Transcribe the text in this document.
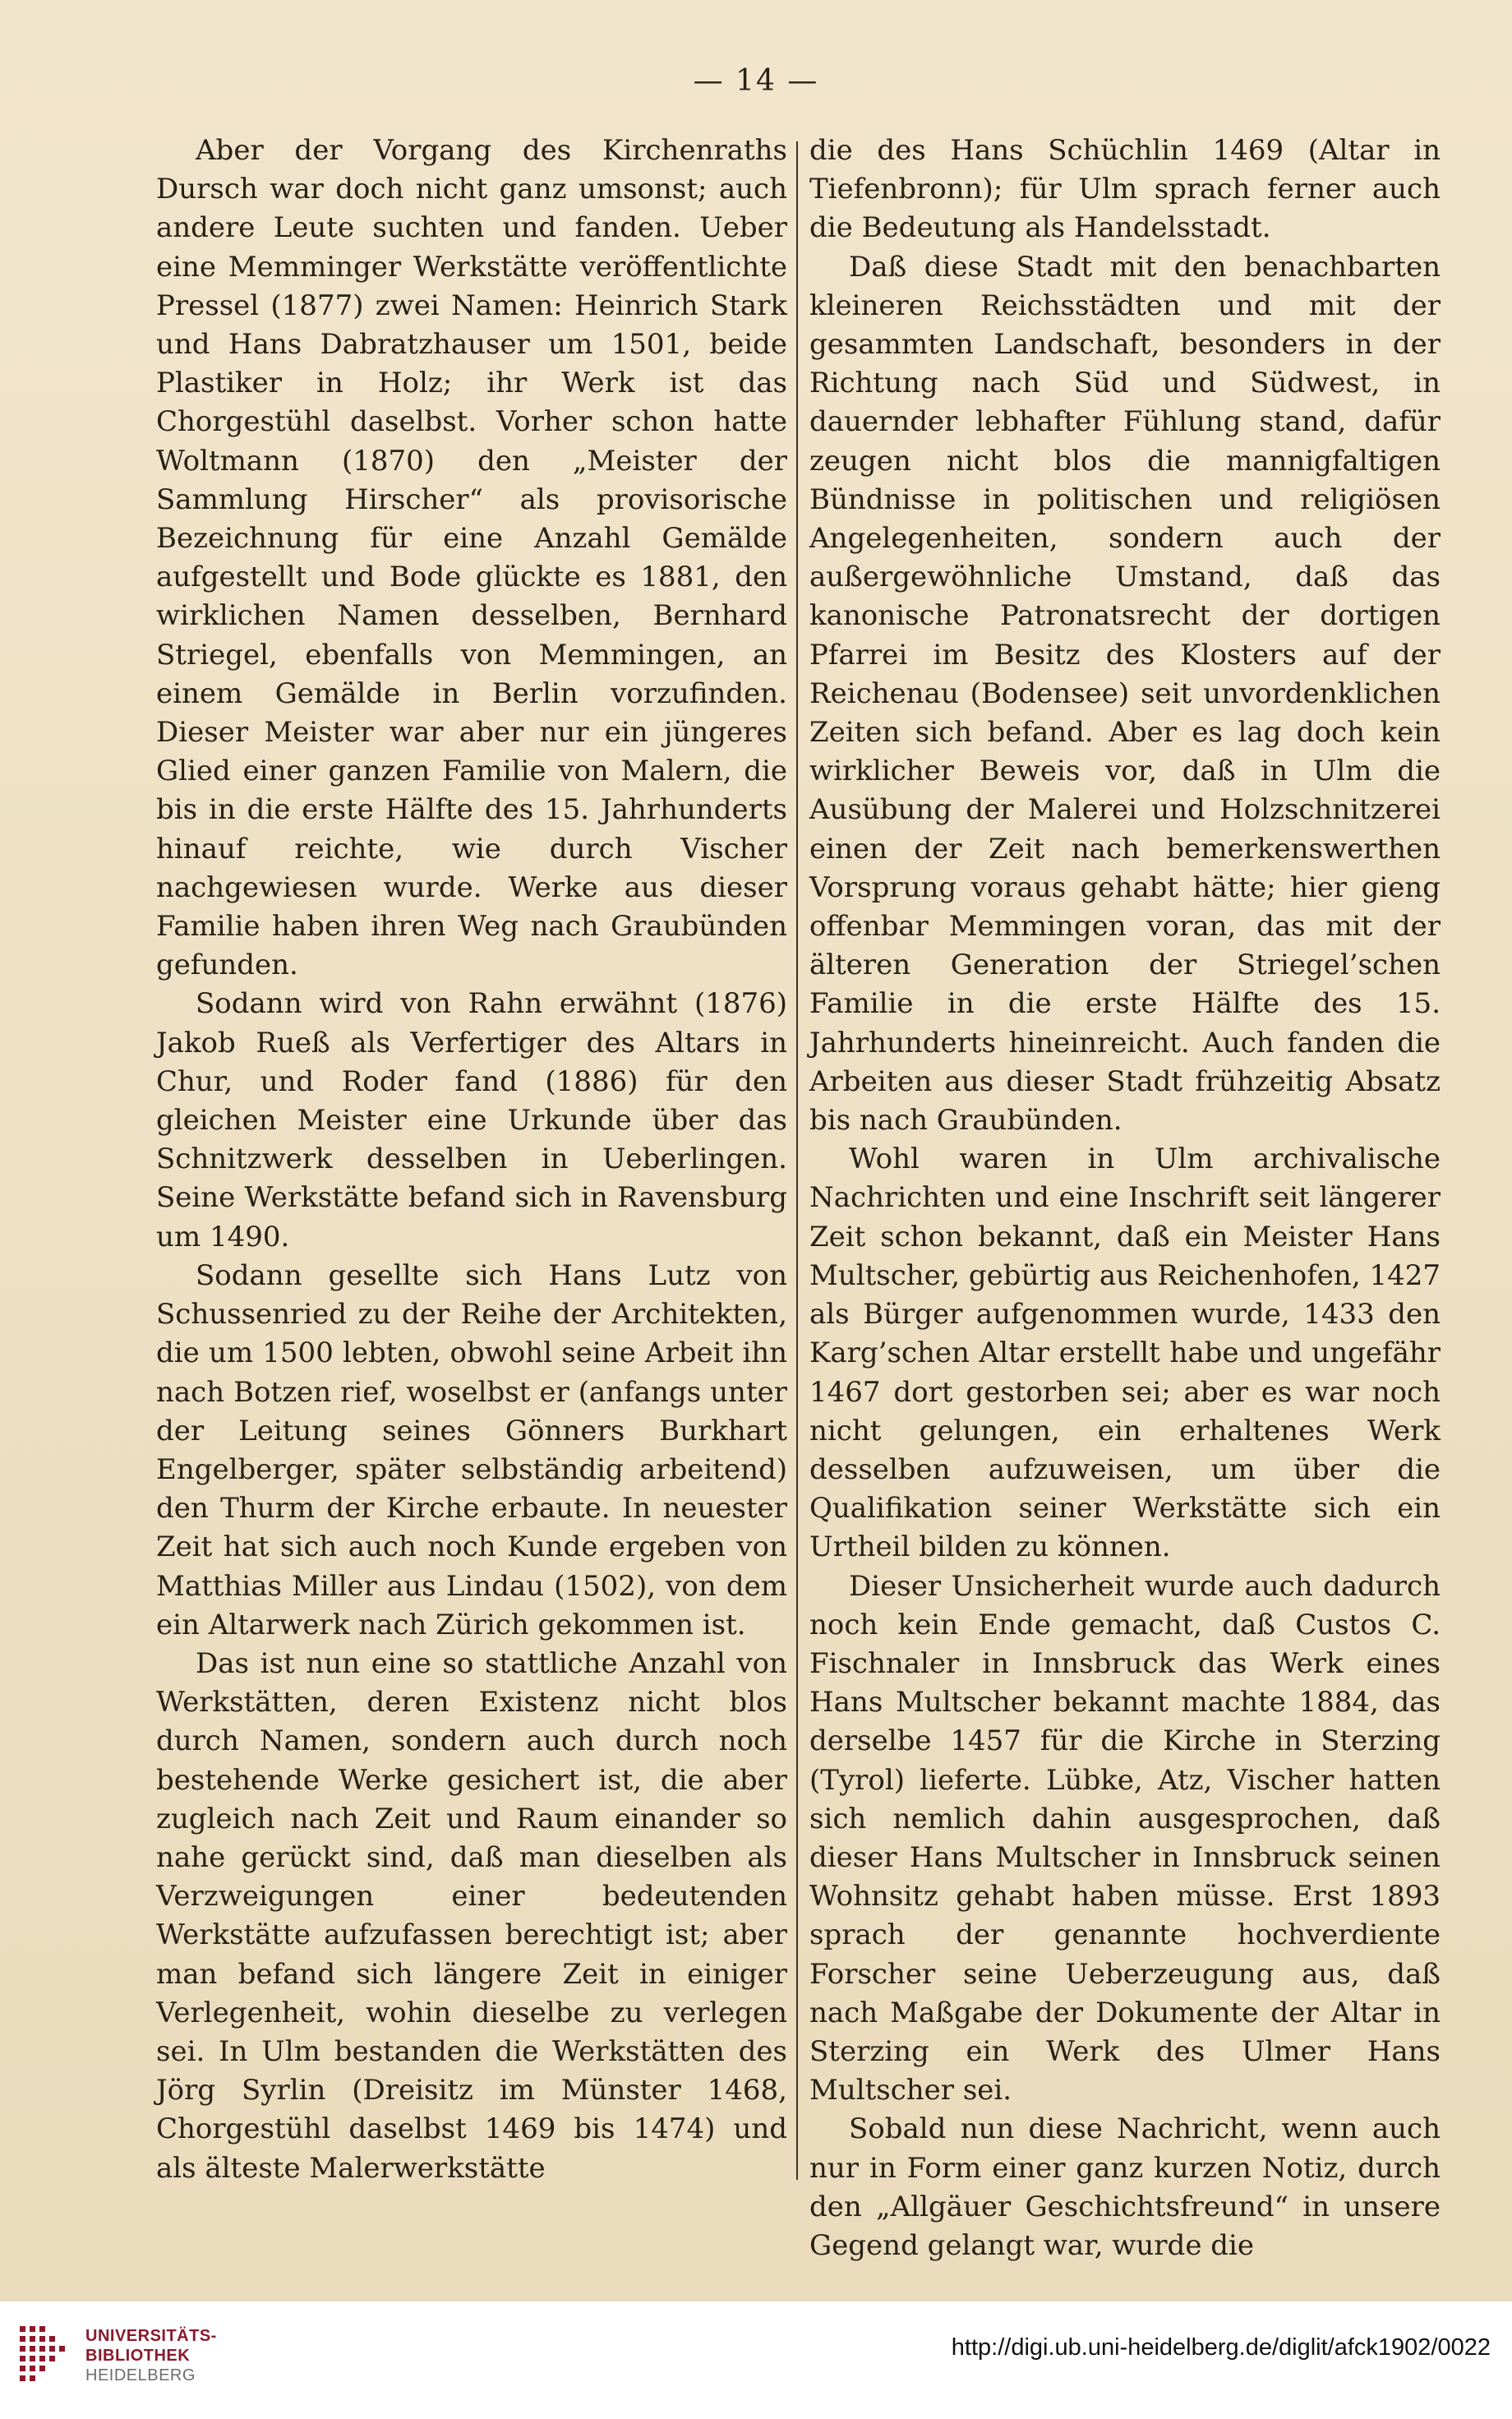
— 14 —

Aber der Vorgang des Kirchenraths Dursch war doch nicht ganz umsonst; auch andere Leute suchten und fanden. Ueber eine Memminger Werkstätte veröffentlichte Pressel (1877) zwei Namen: Heinrich Stark und Hans Dabratzhauser um 1501, beide Plastiker in Holz; ihr Werk ist das Chorgestühl daselbst. Vorher schon hatte Woltmann (1870) den „Meister der Sammlung Hirscher“ als provisorische Bezeichnung für eine Anzahl Gemälde aufgestellt und Bode glückte es 1881, den wirklichen Namen desselben, Bernhard Striegel, ebenfalls von Memmingen, an einem Gemälde in Berlin vorzufinden. Dieser Meister war aber nur ein jüngeres Glied einer ganzen Familie von Malern, die bis in die erste Hälfte des 15. Jahrhunderts hinauf reichte, wie durch Vischer nachgewiesen wurde. Werke aus dieser Familie haben ihren Weg nach Graubünden gefunden.

Sodann wird von Rahn erwähnt (1876) Jakob Rueß als Verfertiger des Altars in Chur, und Roder fand (1886) für den gleichen Meister eine Urkunde über das Schnitzwerk desselben in Ueberlingen. Seine Werkstätte befand sich in Ravensburg um 1490.

Sodann gesellte sich Hans Lutz von Schussenried zu der Reihe der Architekten, die um 1500 lebten, obwohl seine Arbeit ihn nach Botzen rief, woselbst er (anfangs unter der Leitung seines Gönners Burkhart Engelberger, später selbständig arbeitend) den Thurm der Kirche erbaute. In neuester Zeit hat sich auch noch Kunde ergeben von Matthias Miller aus Lindau (1502), von dem ein Altarwerk nach Zürich gekommen ist.

Das ist nun eine so stattliche Anzahl von Werkstätten, deren Existenz nicht blos durch Namen, sondern auch durch noch bestehende Werke gesichert ist, die aber zugleich nach Zeit und Raum einander so nahe gerückt sind, daß man dieselben als Verzweigungen einer bedeutenden Werkstätte aufzufassen berechtigt ist; aber man befand sich längere Zeit in einiger Verlegenheit, wohin dieselbe zu verlegen sei. In Ulm bestanden die Werkstätten des Jörg Syrlin (Dreisitz im Münster 1468, Chorgestühl daselbst 1469 bis 1474) und als älteste Malerwerkstätte

die des Hans Schüchlin 1469 (Altar in Tiefenbronn); für Ulm sprach ferner auch die Bedeutung als Handelsstadt.

Daß diese Stadt mit den benachbarten kleineren Reichsstädten und mit der gesammten Landschaft, besonders in der Richtung nach Süd und Südwest, in dauernder lebhafter Fühlung stand, dafür zeugen nicht blos die mannigfaltigen Bündnisse in politischen und religiösen Angelegenheiten, sondern auch der außergewöhnliche Umstand, daß das kanonische Patronatsrecht der dortigen Pfarrei im Besitz des Klosters auf der Reichenau (Bodensee) seit unvordenklichen Zeiten sich befand. Aber es lag doch kein wirklicher Beweis vor, daß in Ulm die Ausübung der Malerei und Holzschnitzerei einen der Zeit nach bemerkenswerthen Vorsprung voraus gehabt hätte; hier gieng offenbar Memmingen voran, das mit der älteren Generation der Striegel’schen Familie in die erste Hälfte des 15. Jahrhunderts hineinreicht. Auch fanden die Arbeiten aus dieser Stadt frühzeitig Absatz bis nach Graubünden.

Wohl waren in Ulm archivalische Nachrichten und eine Inschrift seit längerer Zeit schon bekannt, daß ein Meister Hans Multscher, gebürtig aus Reichenhofen, 1427 als Bürger aufgenommen wurde, 1433 den Karg’schen Altar erstellt habe und ungefähr 1467 dort gestorben sei; aber es war noch nicht gelungen, ein erhaltenes Werk desselben aufzuweisen, um über die Qualifikation seiner Werkstätte sich ein Urtheil bilden zu können.

Dieser Unsicherheit wurde auch dadurch noch kein Ende gemacht, daß Custos C. Fischnaler in Innsbruck das Werk eines Hans Multscher bekannt machte 1884, das derselbe 1457 für die Kirche in Sterzing (Tyrol) lieferte. Lübke, Atz, Vischer hatten sich nemlich dahin ausgesprochen, daß dieser Hans Multscher in Innsbruck seinen Wohnsitz gehabt haben müsse. Erst 1893 sprach der genannte hochverdiente Forscher seine Ueberzeugung aus, daß nach Maßgabe der Dokumente der Altar in Sterzing ein Werk des Ulmer Hans Multscher sei.

Sobald nun diese Nachricht, wenn auch nur in Form einer ganz kurzen Notiz, durch den „Allgäuer Geschichtsfreund“ in unsere Gegend gelangt war, wurde die

UNIVERSITÄTS-
BIBLIOTHEK
HEIDELBERG
http://digi.ub.uni-heidelberg.de/diglit/afck1902/0022
